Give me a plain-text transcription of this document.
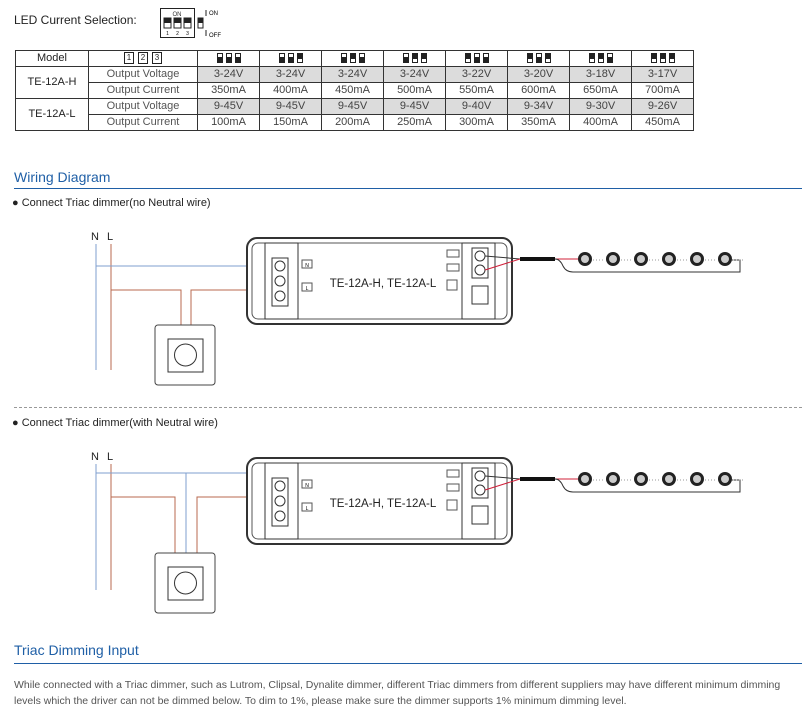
LED Current Selection:	ON
1 2 3
ON
OFF
Model	1 2 3								

TE-12A-H	Output Voltage	3-24V	3-24V	3-24V	3-24V	3-22V	3-20V	3-18V	3-17V
	Output Current	350mA	400mA	450mA	500mA	550mA	600mA	650mA	700mA
TE-12A-L	Output Voltage	9-45V	9-45V	9-45V	9-45V	9-40V	9-34V	9-30V	9-26V
	Output Current	100mA	150mA	200mA	250mA	300mA	350mA	400mA	450mA
Wiring Diagram
● Connect Triac dimmer(no Neutral wire)
● Connect Triac dimmer(with Neutral wire)
N L
N
L TE-12A-H, TE-12A-L
N L
N
L TE-12A-H, TE-12A-L
Triac Dimming Input
While connected with a Triac dimmer, such as Lutrom, Clipsal, Dynalite dimmer, different Triac dimmers from different suppliers may have different minimum dimming levels which the driver can not be dimmed below. To dim to 1%, please make sure the dimmer supports 1% minimum dimming level.
